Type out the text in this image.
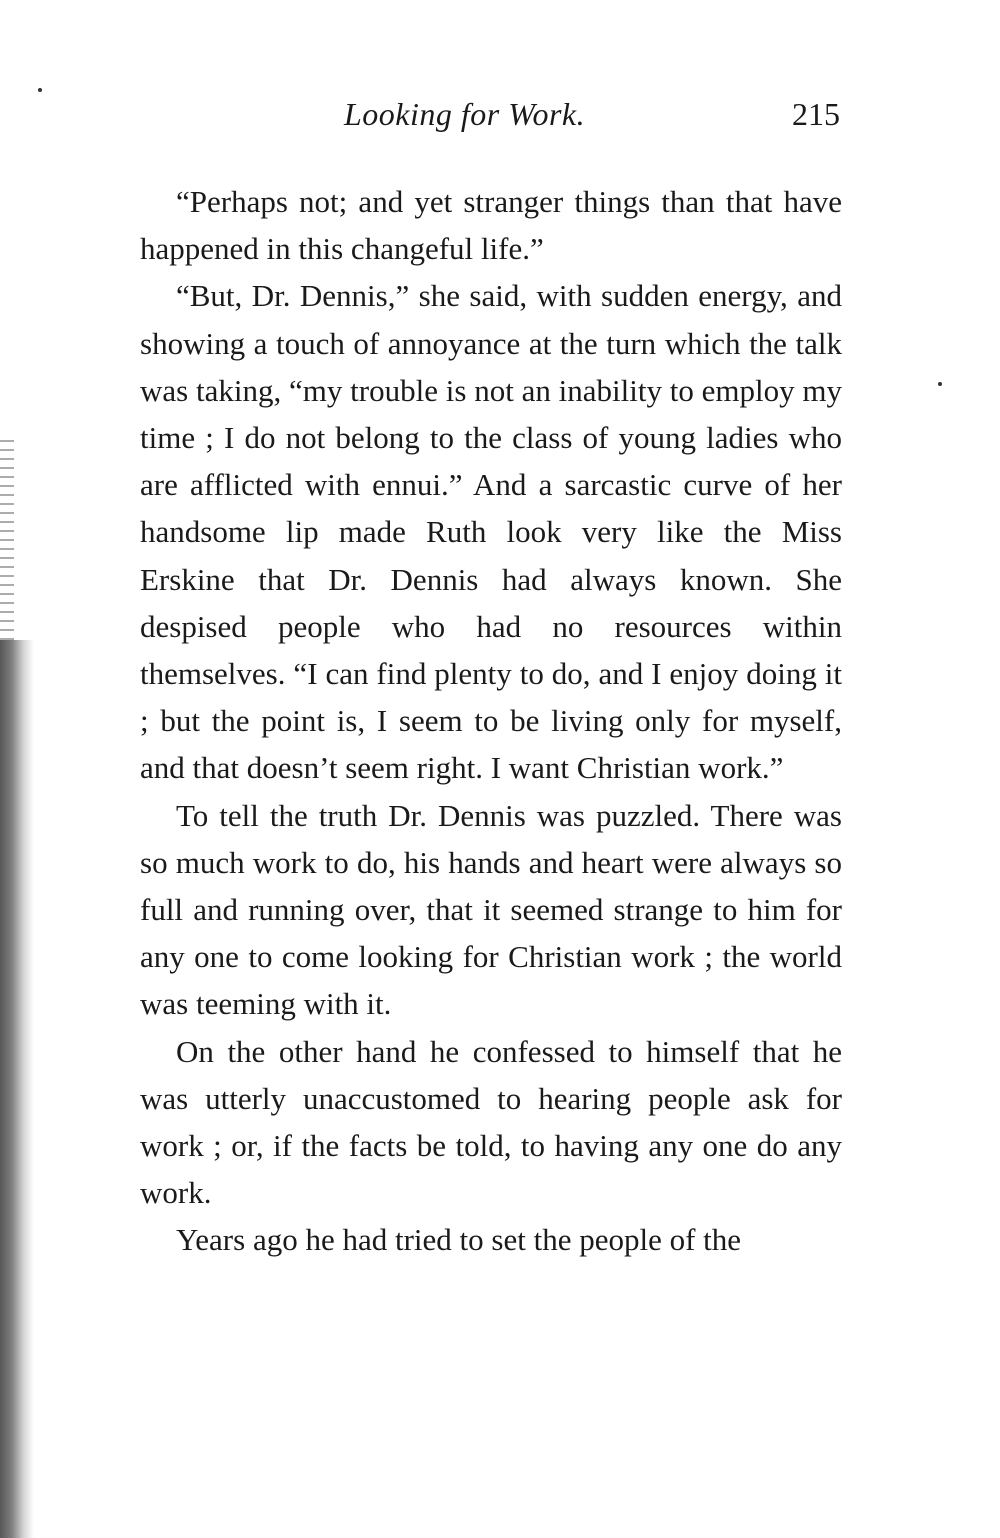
Looking for Work.	215

“Perhaps not; and yet stranger things than that have happened in this changeful life.”

“But, Dr. Dennis,” she said, with sudden energy, and showing a touch of annoyance at the turn which the talk was taking, “my trouble is not an inability to employ my time ; I do not belong to the class of young ladies who are afflicted with ennui.” And a sarcastic curve of her handsome lip made Ruth look very like the Miss Erskine that Dr. Dennis had always known. She despised people who had no resources within themselves. “I can find plenty to do, and I enjoy doing it ; but the point is, I seem to be living only for myself, and that doesn’t seem right. I want Christian work.”

To tell the truth Dr. Dennis was puzzled. There was so much work to do, his hands and heart were always so full and running over, that it seemed strange to him for any one to come looking for Christian work ; the world was teeming with it.

On the other hand he confessed to himself that he was utterly unaccustomed to hearing people ask for work ; or, if the facts be told, to having any one do any work.

Years ago he had tried to set the people of the
